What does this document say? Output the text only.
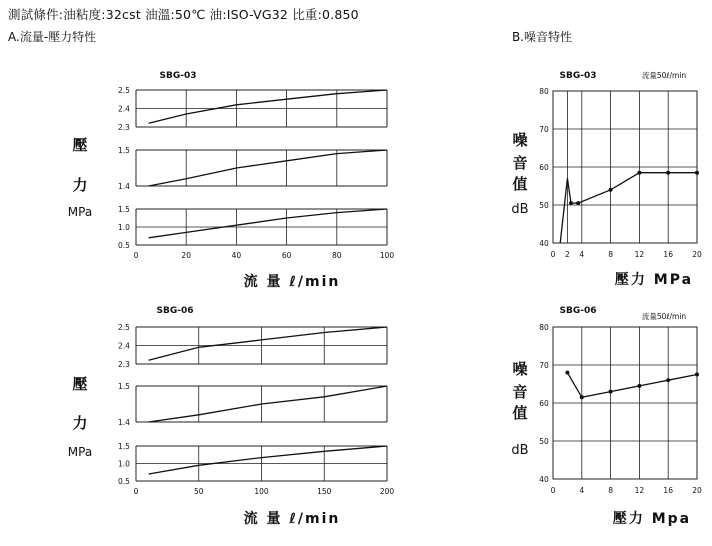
測試條件:油粘度:32cst 油溫:50℃ 油:ISO-VG32 比重:0.850
A.流量-壓力特性	B.噪音特性
SBG-03
壓
力
MPa
流 量 ℓ/min
2.5
2.4
2.3
1.5
1.4
1.5
1.0
0.5
0	20	40	60	80	100
SBG-06
壓
力
MPa
流 量 ℓ/min
2.5
2.4
2.3
1.5
1.4
1.5
1.0
0.5
0	50	100	150	200
SBG-03	流量50ℓ/min
噪
音
值
dB
壓力 MPa
0 2 4	8	12	16	20
80
70
60
50
40
SBG-06
流量50ℓ/min
噪
音
值
dB
壓力 Mpa
0	4	8	12	16	20
80
70
60
50
40
